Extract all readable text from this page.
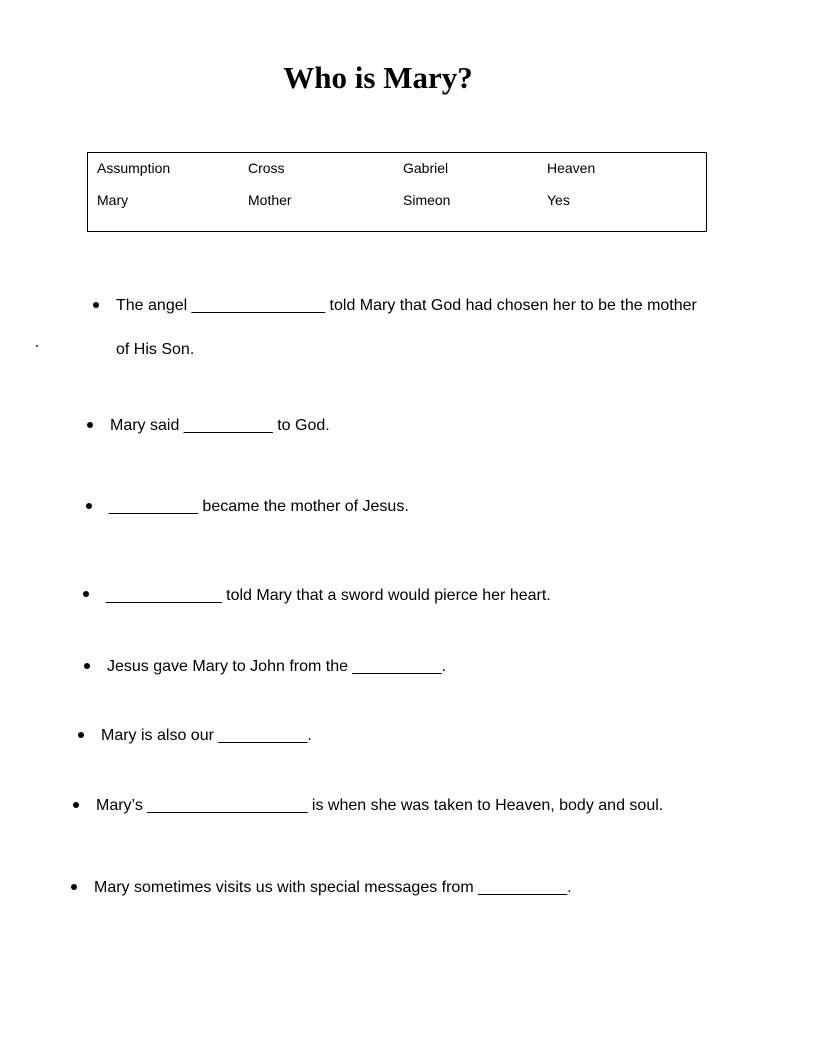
Who is Mary?
Assumption	Cross	Gabriel	Heaven
Mary	Mother	Simeon	Yes
The angel _______________ told Mary that God had chosen her to be the mother
of His Son.
Mary said __________ to God.
__________ became the mother of Jesus.
_____________ told Mary that a sword would pierce her heart.
Jesus gave Mary to John from the __________.
Mary is also our __________.
Mary’s __________________ is when she was taken to Heaven, body and soul.
Mary sometimes visits us with special messages from __________.
